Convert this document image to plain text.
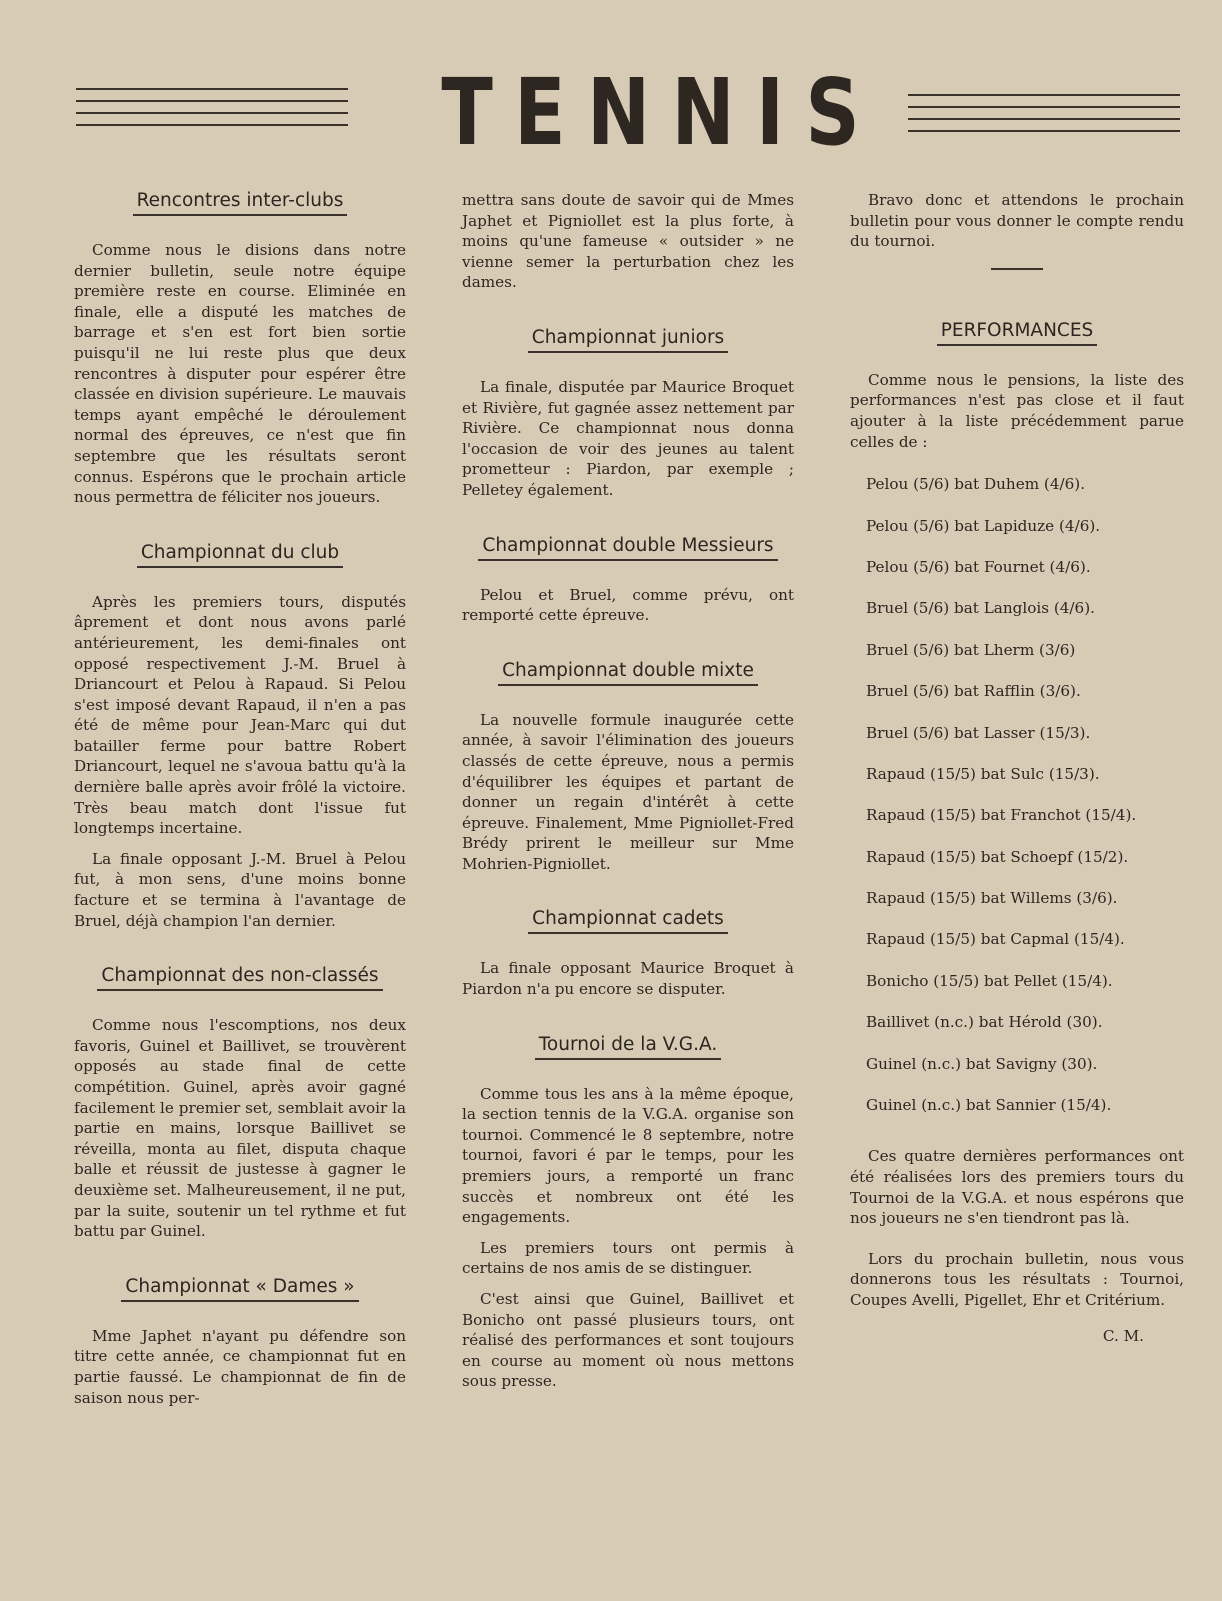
TENNIS
Rencontres inter-clubs

Comme nous le disions dans notre dernier bulletin, seule notre équipe première reste en course. Eliminée en finale, elle a disputé les matches de barrage et s'en est fort bien sortie puisqu'il ne lui reste plus que deux rencontres à disputer pour espérer être classée en division supérieure. Le mauvais temps ayant empêché le déroulement normal des épreuves, ce n'est que fin septembre que les résultats seront connus. Espérons que le prochain article nous permettra de féliciter nos joueurs.

Championnat du club

Après les premiers tours, disputés âprement et dont nous avons parlé antérieurement, les demi-finales ont opposé respectivement J.-M. Bruel à Driancourt et Pelou à Rapaud. Si Pelou s'est imposé devant Rapaud, il n'en a pas été de même pour Jean-Marc qui dut batailler ferme pour battre Robert Driancourt, lequel ne s'avoua battu qu'à la dernière balle après avoir frôlé la victoire. Très beau match dont l'issue fut longtemps incertaine.

La finale opposant J.-M. Bruel à Pelou fut, à mon sens, d'une moins bonne facture et se termina à l'avantage de Bruel, déjà champion l'an dernier.

Championnat des non-classés

Comme nous l'escomptions, nos deux favoris, Guinel et Baillivet, se trouvèrent opposés au stade final de cette compétition. Guinel, après avoir gagné facilement le premier set, semblait avoir la partie en mains, lorsque Baillivet se réveilla, monta au filet, disputa chaque balle et réussit de justesse à gagner le deuxième set. Malheureusement, il ne put, par la suite, soutenir un tel rythme et fut battu par Guinel.

Championnat « Dames »

Mme Japhet n'ayant pu défendre son titre cette année, ce championnat fut en partie faussé. Le championnat de fin de saison nous per-

mettra sans doute de savoir qui de Mmes Japhet et Pigniollet est la plus forte, à moins qu'une fameuse « outsider » ne vienne semer la perturbation chez les dames.

Championnat juniors

La finale, disputée par Maurice Broquet et Rivière, fut gagnée assez nettement par Rivière. Ce championnat nous donna l'occasion de voir des jeunes au talent prometteur : Piardon, par exemple ; Pelletey également.

Championnat double Messieurs

Pelou et Bruel, comme prévu, ont remporté cette épreuve.

Championnat double mixte

La nouvelle formule inaugurée cette année, à savoir l'élimination des joueurs classés de cette épreuve, nous a permis d'équilibrer les équipes et partant de donner un regain d'intérêt à cette épreuve. Finalement, Mme Pigniollet-Fred Brédy prirent le meilleur sur Mme Mohrien-Pigniollet.

Championnat cadets

La finale opposant Maurice Broquet à Piardon n'a pu encore se disputer.

Tournoi de la V.G.A.

Comme tous les ans à la même époque, la section tennis de la V.G.A. organise son tournoi. Commencé le 8 septembre, notre tournoi, favori é par le temps, pour les premiers jours, a remporté un franc succès et nombreux ont été les engagements.

Les premiers tours ont permis à certains de nos amis de se distinguer.

C'est ainsi que Guinel, Baillivet et Bonicho ont passé plusieurs tours, ont réalisé des performances et sont toujours en course au moment où nous mettons sous presse.

Bravo donc et attendons le prochain bulletin pour vous donner le compte rendu du tournoi.

PERFORMANCES

Comme nous le pensions, la liste des performances n'est pas close et il faut ajouter à la liste précédemment parue celles de :

Pelou (5/6) bat Duhem (4/6).
Pelou (5/6) bat Lapiduze (4/6).
Pelou (5/6) bat Fournet (4/6).
Bruel (5/6) bat Langlois (4/6).
Bruel (5/6) bat Lherm (3/6)
Bruel (5/6) bat Rafflin (3/6).
Bruel (5/6) bat Lasser (15/3).
Rapaud (15/5) bat Sulc (15/3).
Rapaud (15/5) bat Franchot (15/4).
Rapaud (15/5) bat Schoepf (15/2).
Rapaud (15/5) bat Willems (3/6).
Rapaud (15/5) bat Capmal (15/4).
Bonicho (15/5) bat Pellet (15/4).
Baillivet (n.c.) bat Hérold (30).
Guinel (n.c.) bat Savigny (30).
Guinel (n.c.) bat Sannier (15/4).

Ces quatre dernières performances ont été réalisées lors des premiers tours du Tournoi de la V.G.A. et nous espérons que nos joueurs ne s'en tiendront pas là.

Lors du prochain bulletin, nous vous donnerons tous les résultats : Tournoi, Coupes Avelli, Pigellet, Ehr et Critérium.

C. M.
